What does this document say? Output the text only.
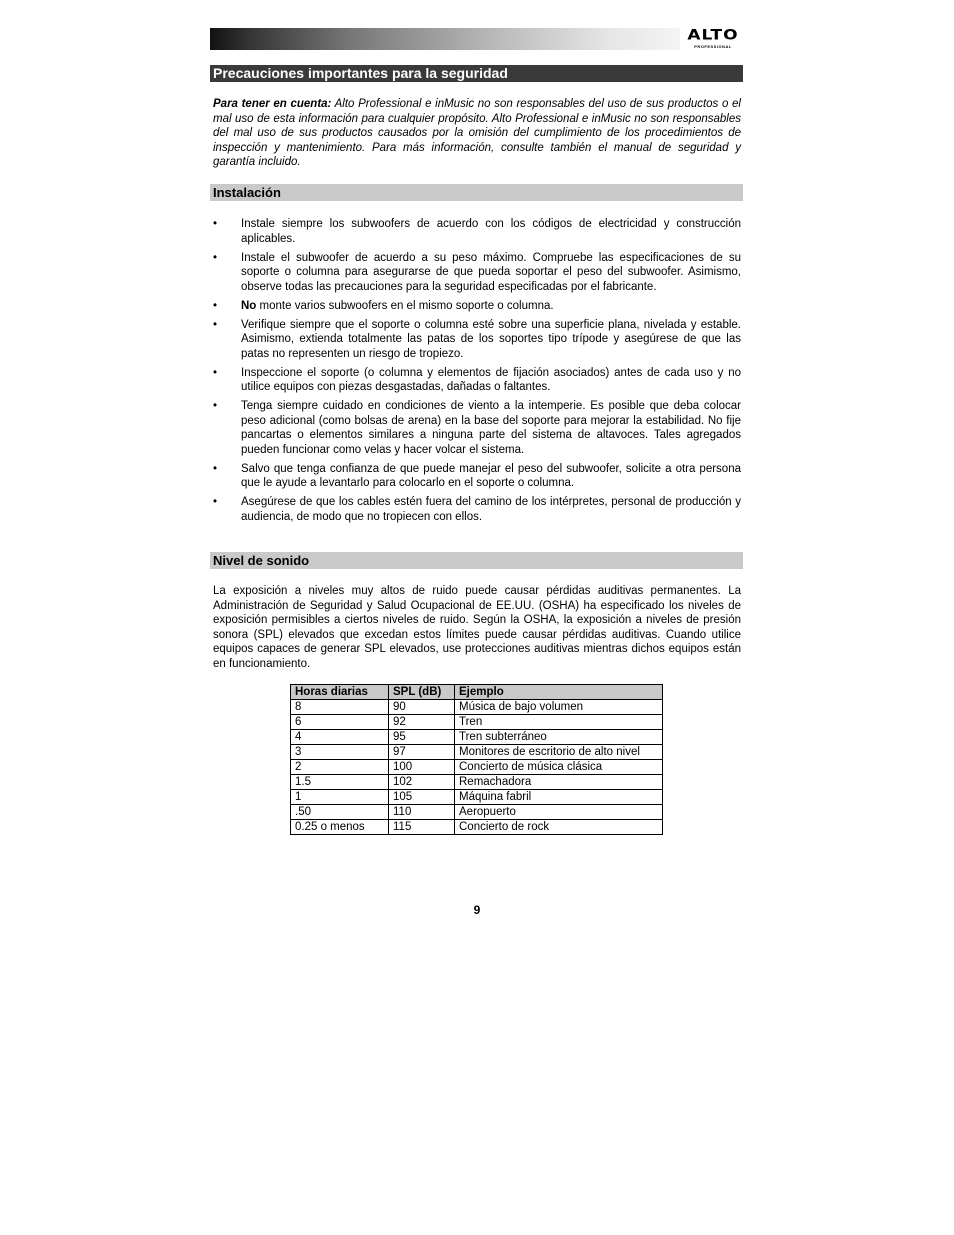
ALTO
PROFESSIONAL
Precauciones importantes para la seguridad

Para tener en cuenta: Alto Professional e inMusic no son responsables del uso de sus productos o el mal uso de esta información para cualquier propósito. Alto Professional e inMusic no son responsables del mal uso de sus productos causados por la omisión del cumplimiento de los procedimientos de inspección y mantenimiento. Para más información, consulte también el manual de seguridad y garantía incluido.

Instalación
• Instale siempre los subwoofers de acuerdo con los códigos de electricidad y construcción aplicables.
• Instale el subwoofer de acuerdo a su peso máximo. Compruebe las especificaciones de su soporte o columna para asegurarse de que pueda soportar el peso del subwoofer. Asimismo, observe todas las precauciones para la seguridad especificadas por el fabricante.
• No monte varios subwoofers en el mismo soporte o columna.
• Verifique siempre que el soporte o columna esté sobre una superficie plana, nivelada y estable. Asimismo, extienda totalmente las patas de los soportes tipo trípode y asegúrese de que las patas no representen un riesgo de tropiezo.
• Inspeccione el soporte (o columna y elementos de fijación asociados) antes de cada uso y no utilice equipos con piezas desgastadas, dañadas o faltantes.
• Tenga siempre cuidado en condiciones de viento a la intemperie. Es posible que deba colocar peso adicional (como bolsas de arena) en la base del soporte para mejorar la estabilidad. No fije pancartas o elementos similares a ninguna parte del sistema de altavoces. Tales agregados pueden funcionar como velas y hacer volcar el sistema.
• Salvo que tenga confianza de que puede manejar el peso del subwoofer, solicite a otra persona que le ayude a levantarlo para colocarlo en el soporte o columna.
• Asegúrese de que los cables estén fuera del camino de los intérpretes, personal de producción y audiencia, de modo que no tropiecen con ellos.
Nivel de sonido

La exposición a niveles muy altos de ruido puede causar pérdidas auditivas permanentes. La Administración de Seguridad y Salud Ocupacional de EE.UU. (OSHA) ha especificado los niveles de exposición permisibles a ciertos niveles de ruido. Según la OSHA, la exposición a niveles de presión sonora (SPL) elevados que excedan estos límites puede causar pérdidas auditivas. Cuando utilice equipos capaces de generar SPL elevados, use protecciones auditivas mientras dichos equipos están en funcionamiento.

Horas diarias	SPL (dB)	Ejemplo
8	90	Música de bajo volumen
6	92	Tren
4	95	Tren subterráneo
3	97	Monitores de escritorio de alto nivel
2	100	Concierto de música clásica
1.5	102	Remachadora
1	105	Máquina fabril
.50	110	Aeropuerto
0.25 o menos	115	Concierto de rock
9
